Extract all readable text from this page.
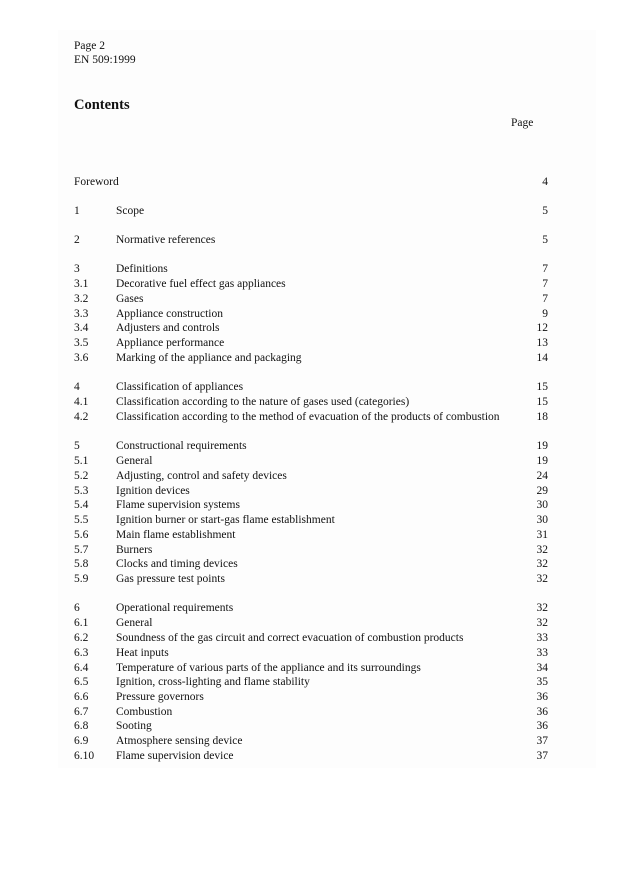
Page 2
EN 509:1999
Contents
Page
Foreword	4
1	Scope	5
2	Normative references	5
3	Definitions	7
3.1 Decorative fuel effect gas appliances	7
3.2 Gases	7
3.3 Appliance construction	9
3.4 Adjusters and controls	12
3.5 Appliance performance	13
3.6 Marking of the appliance and packaging	14
4	Classification of appliances	15
4.1 Classification according to the nature of gases used (categories)	15
4.2 Classification according to the method of evacuation of the products of combustion	18
5	Constructional requirements	19
5.1 General	19
5.2 Adjusting, control and safety devices	24
5.3 Ignition devices	29
5.4 Flame supervision systems	30
5.5 Ignition burner or start-gas flame establishment	30
5.6 Main flame establishment	31
5.7 Burners	32
5.8 Clocks and timing devices	32
5.9 Gas pressure test points	32
6	Operational requirements	32
6.1 General	32
6.2 Soundness of the gas circuit and correct evacuation of combustion products	33
6.3 Heat inputs	33
6.4 Temperature of various parts of the appliance and its surroundings	34
6.5 Ignition, cross-lighting and flame stability	35
6.6 Pressure governors	36
6.7 Combustion	36
6.8 Sooting	36
6.9 Atmosphere sensing device	37
6.10 Flame supervision device	37
